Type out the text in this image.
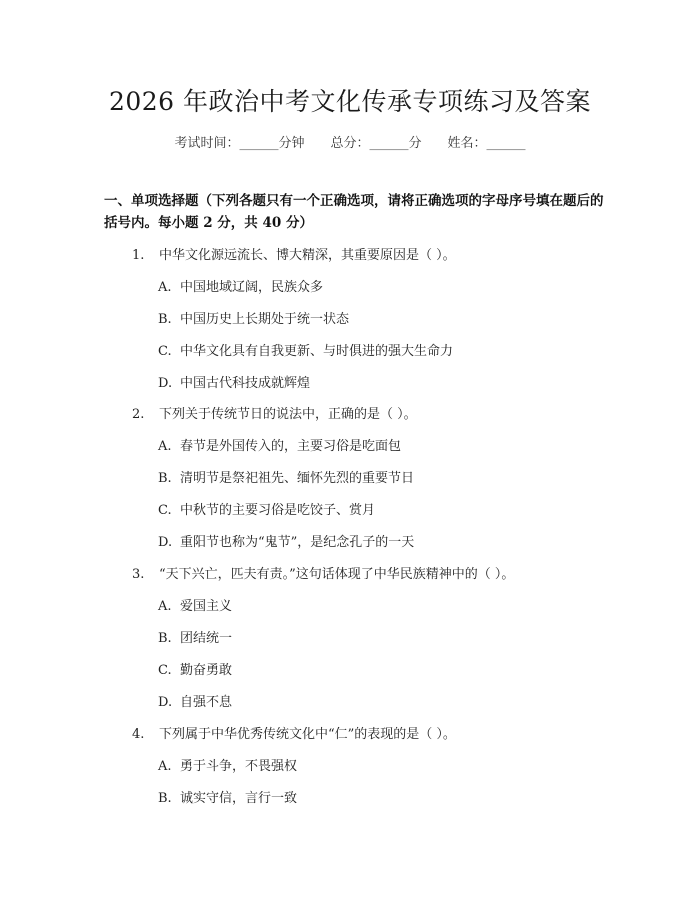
2026 年政治中考文化传承专项练习及答案
考试时间：______分钟 总分：______分 姓名：______
一、单项选择题（下列各题只有一个正确选项，请将正确选项的字母序号填在题后的括号内。每小题 2 分，共 40 分）
1. 中华文化源远流长、博大精深，其重要原因是（ ）。
A. 中国地域辽阔，民族众多
B. 中国历史上长期处于统一状态
C. 中华文化具有自我更新、与时俱进的强大生命力
D. 中国古代科技成就辉煌
2. 下列关于传统节日的说法中，正确的是（ ）。
A. 春节是外国传入的，主要习俗是吃面包
B. 清明节是祭祀祖先、缅怀先烈的重要节日
C. 中秋节的主要习俗是吃饺子、赏月
D. 重阳节也称为“鬼节”，是纪念孔子的一天
3. “天下兴亡，匹夫有责。”这句话体现了中华民族精神中的（ ）。
A. 爱国主义
B. 团结统一
C. 勤奋勇敢
D. 自强不息
4. 下列属于中华优秀传统文化中“仁”的表现的是（ ）。
A. 勇于斗争，不畏强权
B. 诚实守信，言行一致
